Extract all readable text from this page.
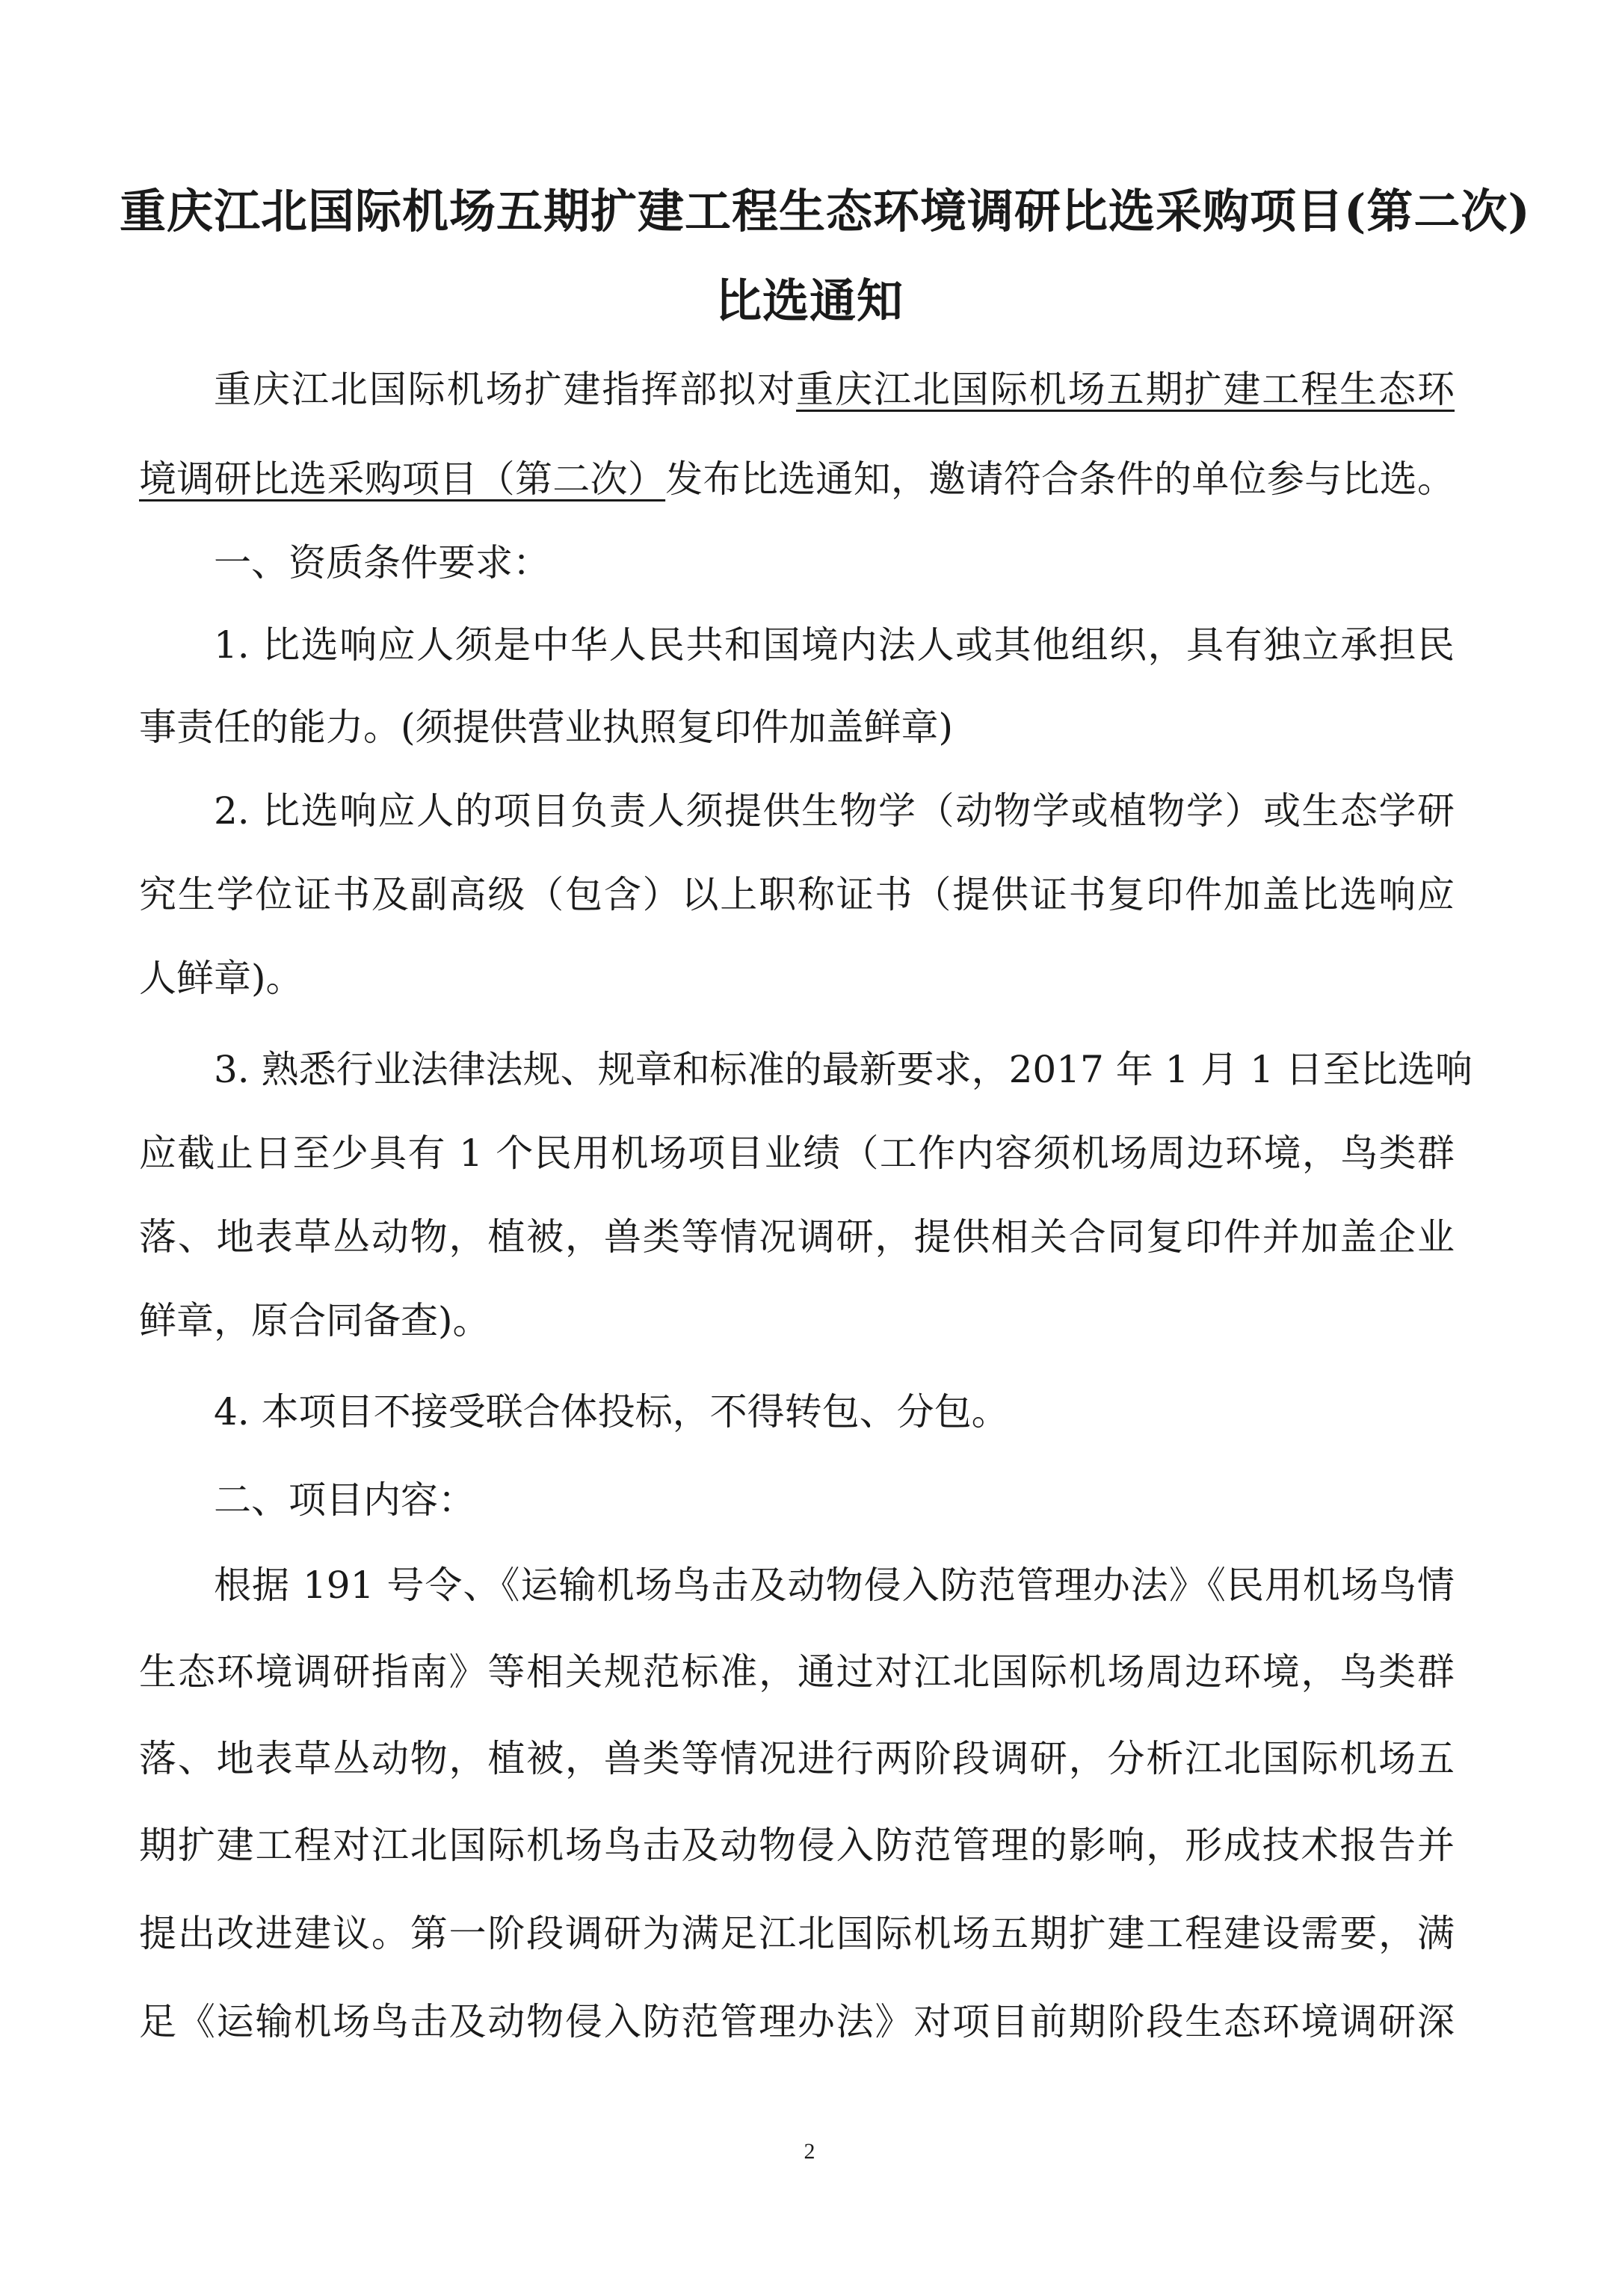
重庆江北国际机场五期扩建工程生态环境调研比选采购项目(第二次)
比选通知
重庆江北国际机场扩建指挥部拟对重庆江北国际机场五期扩建工程生态环
境调研比选采购项目（第二次）发布比选通知，邀请符合条件的单位参与比选。
一、资质条件要求：
1. 比选响应人须是中华人民共和国境内法人或其他组织，具有独立承担民
事责任的能力。(须提供营业执照复印件加盖鲜章)
2. 比选响应人的项目负责人须提供生物学（动物学或植物学）或生态学研
究生学位证书及副高级（包含）以上职称证书（提供证书复印件加盖比选响应
人鲜章)。
3. 熟悉行业法律法规、规章和标准的最新要求，2017 年 1 月 1 日至比选响
应截止日至少具有 1 个民用机场项目业绩（工作内容须机场周边环境，鸟类群
落、地表草丛动物，植被，兽类等情况调研，提供相关合同复印件并加盖企业
鲜章，原合同备查)。
4. 本项目不接受联合体投标，不得转包、分包。
二、项目内容：
根据 191 号令、《运输机场鸟击及动物侵入防范管理办法》《民用机场鸟情
生态环境调研指南》等相关规范标准，通过对江北国际机场周边环境，鸟类群
落、地表草丛动物，植被，兽类等情况进行两阶段调研，分析江北国际机场五
期扩建工程对江北国际机场鸟击及动物侵入防范管理的影响，形成技术报告并
提出改进建议。第一阶段调研为满足江北国际机场五期扩建工程建设需要，满
足《运输机场鸟击及动物侵入防范管理办法》对项目前期阶段生态环境调研深
2
